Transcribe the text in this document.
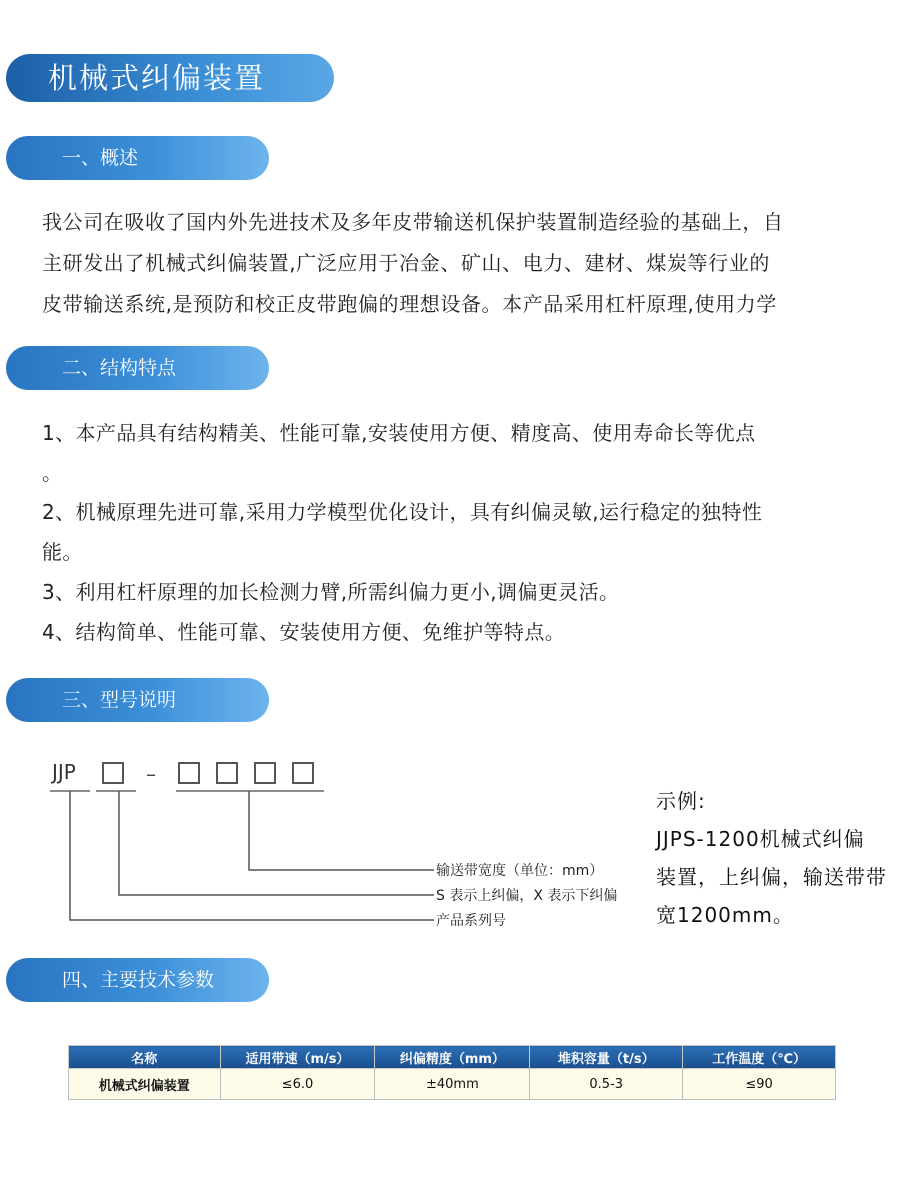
机械式纠偏装置
一、概述
我公司在吸收了国内外先进技术及多年皮带输送机保护装置制造经验的基础上，自
主研发出了机械式纠偏装置,广泛应用于冶金、矿山、电力、建材、煤炭等行业的
皮带输送系统,是预防和校正皮带跑偏的理想设备。本产品采用杠杆原理,使用力学
二、结构特点
1、本产品具有结构精美、性能可靠,安装使用方便、精度高、使用寿命长等优点
。
2、机械原理先进可靠,采用力学模型优化设计，具有纠偏灵敏,运行稳定的独特性
能。
3、利用杠杆原理的加长检测力臂,所需纠偏力更小,调偏更灵活。
4、结构简单、性能可靠、安装使用方便、免维护等特点。
三、型号说明
JJP	–
输送带宽度（单位：mm）
S 表示上纠偏，X 表示下纠偏
产品系列号
示例:
JJPS-1200机械式纠偏
装置，上纠偏，输送带带
宽1200mm。
四、主要技术参数
名称	适用带速（m/s）	纠偏精度（mm）	堆积容量（t/s）	工作温度（℃）
机械式纠偏装置	≤6.0	±40mm	0.5-3	≤90
